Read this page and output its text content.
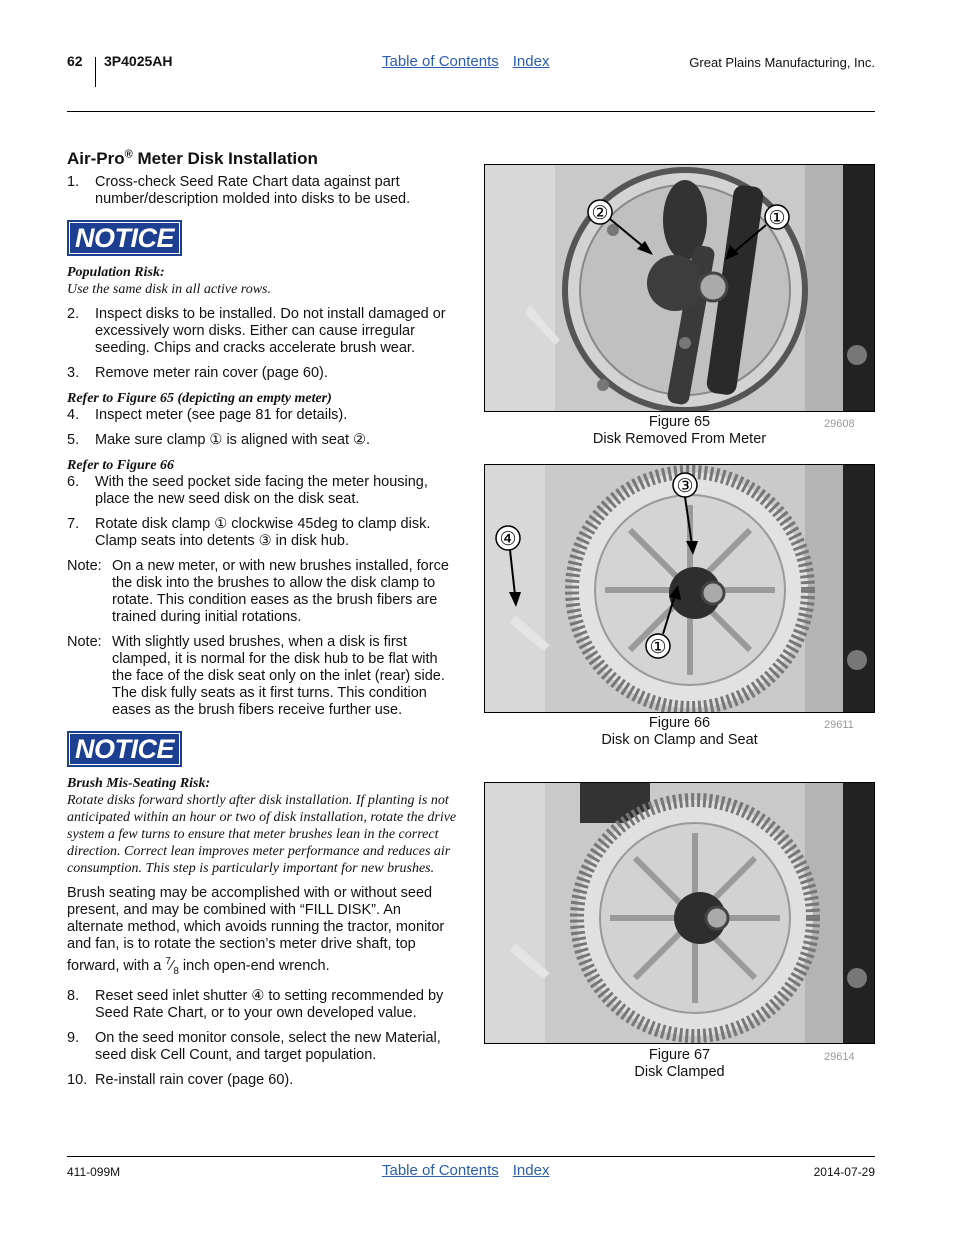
62 3P4025AH	Table of Contents Index	Great Plains Manufacturing, Inc.
Air-Pro® Meter Disk Installation
1.	Cross-check Seed Rate Chart data against part number/description molded into disks to be used.
NOTICE
Population Risk:
Use the same disk in all active rows.
2.	Inspect disks to be installed. Do not install damaged or excessively worn disks. Either can cause irregular seeding. Chips and cracks accelerate brush wear.
3.	Remove meter rain cover (page 60).
Refer to Figure 65 (depicting an empty meter)
4.	Inspect meter (see page 81 for details).
5.	Make sure clamp ① is aligned with seat ②.
Refer to Figure 66
6.	With the seed pocket side facing the meter housing, place the new seed disk on the disk seat.
7.	Rotate disk clamp ① clockwise 45deg to clamp disk. Clamp seats into detents ③ in disk hub.
Note: On a new meter, or with new brushes installed, force the disk into the brushes to allow the disk clamp to rotate. This condition eases as the brush fibers are trained during initial rotations.
Note: With slightly used brushes, when a disk is first clamped, it is normal for the disk hub to be flat with the face of the disk seat only on the inlet (rear) side. The disk fully seats as it first turns. This condition eases as the brush fibers receive further use.
NOTICE
Brush Mis-Seating Risk:
Rotate disks forward shortly after disk installation. If planting is not anticipated within an hour or two of disk installation, rotate the drive system a few turns to ensure that meter brushes lean in the correct direction. Correct lean improves meter performance and reduces air consumption. This step is particularly important for new brushes.
Brush seating may be accomplished with or without seed present, and may be combined with “FILL DISK”. An alternate method, which avoids running the tractor, monitor and fan, is to rotate the section’s meter drive shaft, top forward, with a $^7⁄_8$ inch open-end wrench.
8.	Reset seed inlet shutter ④ to setting recommended by Seed Rate Chart, or to your own developed value.
9.	On the seed monitor console, select the new Material, seed disk Cell Count, and target population.
10. Re-install rain cover (page 60).
②	①
Figure 65
Disk Removed From Meter
29608
③
④
①
Figure 66
Disk on Clamp and Seat
29611
Figure 67
Disk Clamped
29614
411-099M	Table of Contents Index	2014-07-29
